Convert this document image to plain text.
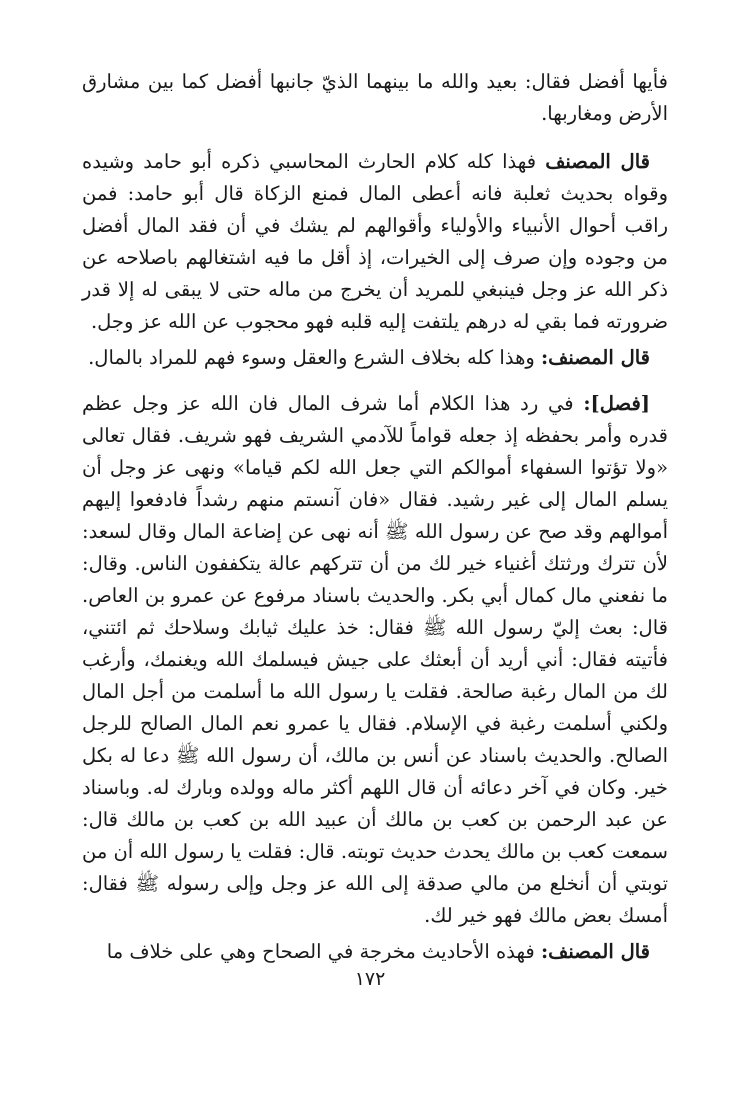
فأيها أفضل فقال: بعيد والله ما بينهما الذيّ جانبها أفضل كما بين مشارق الأرض ومغاربها.

قال المصنف فهذا كله كلام الحارث المحاسبي ذكره أبو حامد وشيده وقواه بحديث ثعلبة فانه أعطى المال فمنع الزكاة قال أبو حامد: فمن راقب أحوال الأنبياء والأولياء وأقوالهم لم يشك في أن فقد المال أفضل من وجوده وإن صرف إلى الخيرات، إذ أقل ما فيه اشتغالهم باصلاحه عن ذكر الله عز وجل فينبغي للمريد أن يخرج من ماله حتى لا يبقى له إلا قدر ضرورته فما بقي له درهم يلتفت إليه قلبه فهو محجوب عن الله عز وجل.

قال المصنف: وهذا كله بخلاف الشرع والعقل وسوء فهم للمراد بالمال.

[فصل]: في رد هذا الكلام أما شرف المال فان الله عز وجل عظم قدره وأمر بحفظه إذ جعله قواماً للآدمي الشريف فهو شريف. فقال تعالى «ولا تؤتوا السفهاء أموالكم التي جعل الله لكم قياما» ونهى عز وجل أن يسلم المال إلى غير رشيد. فقال «فان آنستم منهم رشداً فادفعوا إليهم أموالهم وقد صح عن رسول الله ﷺ أنه نهى عن إضاعة المال وقال لسعد: لأن تترك ورثتك أغنياء خير لك من أن تتركهم عالة يتكففون الناس. وقال: ما نفعني مال كمال أبي بكر. والحديث باسناد مرفوع عن عمرو بن العاص. قال: بعث إليّ رسول الله ﷺ فقال: خذ عليك ثيابك وسلاحك ثم ائتني، فأتيته فقال: أني أريد أن أبعثك على جيش فيسلمك الله ويغنمك، وأرغب لك من المال رغبة صالحة. فقلت يا رسول الله ما أسلمت من أجل المال ولكني أسلمت رغبة في الإسلام. فقال يا عمرو نعم المال الصالح للرجل الصالح. والحديث باسناد عن أنس بن مالك، أن رسول الله ﷺ دعا له بكل خير. وكان في آخر دعائه أن قال اللهم أكثر ماله وولده وبارك له. وباسناد عن عبد الرحمن بن كعب بن مالك أن عبيد الله بن كعب بن مالك قال: سمعت كعب بن مالك يحدث حديث توبته. قال: فقلت يا رسول الله أن من توبتي أن أنخلع من مالي صدقة إلى الله عز وجل وإلى رسوله ﷺ فقال: أمسك بعض مالك فهو خير لك.

قال المصنف: فهذه الأحاديث مخرجة في الصحاح وهي على خلاف ما

١٧٢
